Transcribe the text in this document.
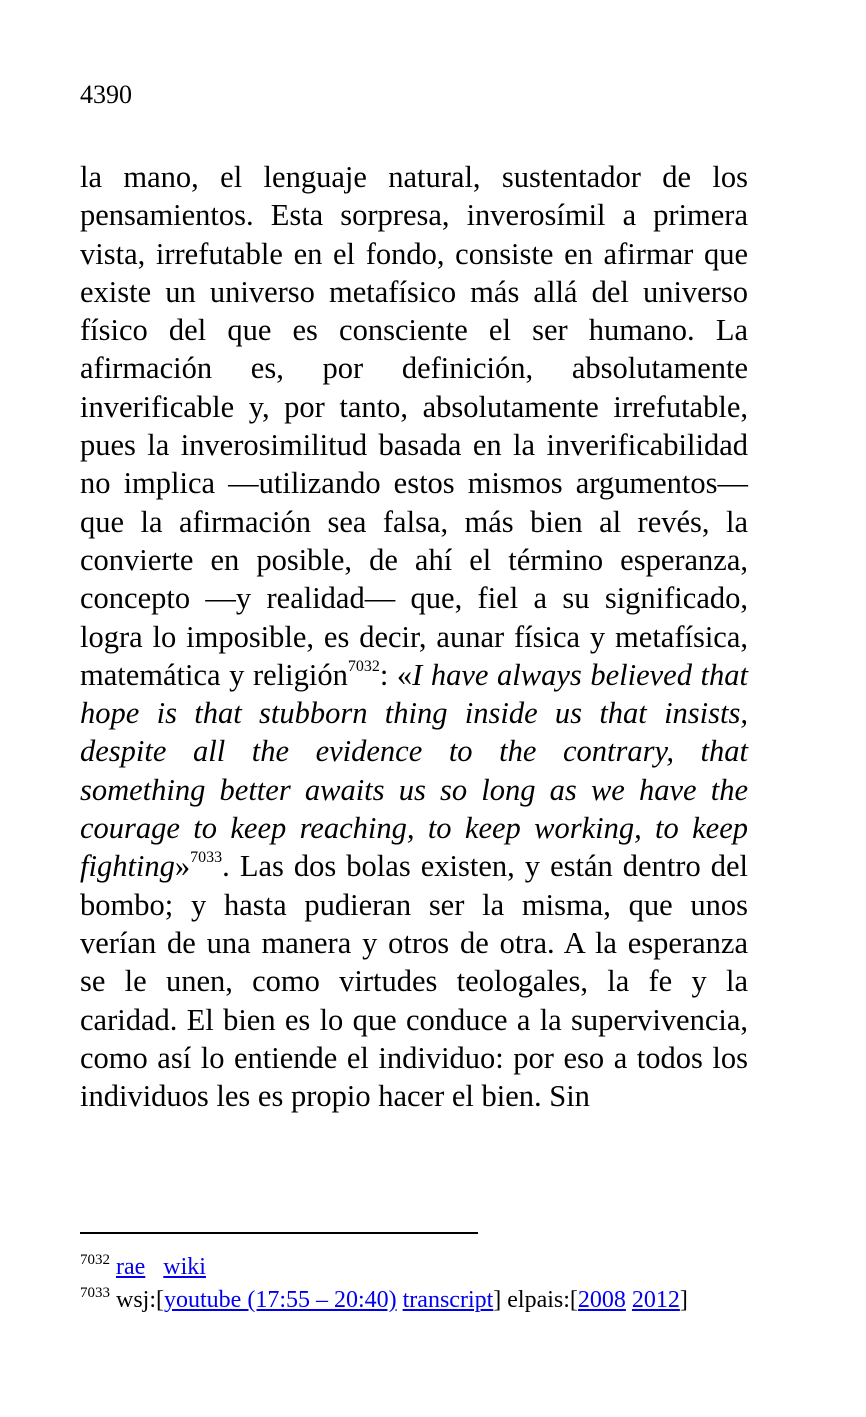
4390

la mano, el lenguaje natural, sustentador de los pensamientos. Esta sorpresa, inverosímil a primera vista, irrefutable en el fondo, consiste en afirmar que existe un universo metafísico más allá del universo físico del que es consciente el ser humano. La afirmación es, por definición, absolutamente inverificable y, por tanto, absolutamente irrefutable, pues la inverosimilitud basada en la inverificabilidad no implica —utilizando estos mismos argumentos— que la afirmación sea falsa, más bien al revés, la convierte en posible, de ahí el término esperanza, concepto —y realidad— que, fiel a su significado, logra lo imposible, es decir, aunar física y metafísica, matemática y religión$^{7032}$: «I have always believed that hope is that stubborn thing inside us that insists, despite all the evidence to the contrary, that something better awaits us so long as we have the courage to keep reaching, to keep working, to keep fighting»$^{7033}$. Las dos bolas existen, y están dentro del bombo; y hasta pudieran ser la misma, que unos verían de una manera y otros de otra. A la esperanza se le unen, como virtudes teologales, la fe y la caridad. El bien es lo que conduce a la supervivencia, como así lo entiende el individuo: por eso a todos los individuos les es propio hacer el bien. Sin

$^{7032}$ rae wiki
$^{7033}$ wsj:[youtube (17:55 – 20:40) transcript] elpais:[2008 2012]
